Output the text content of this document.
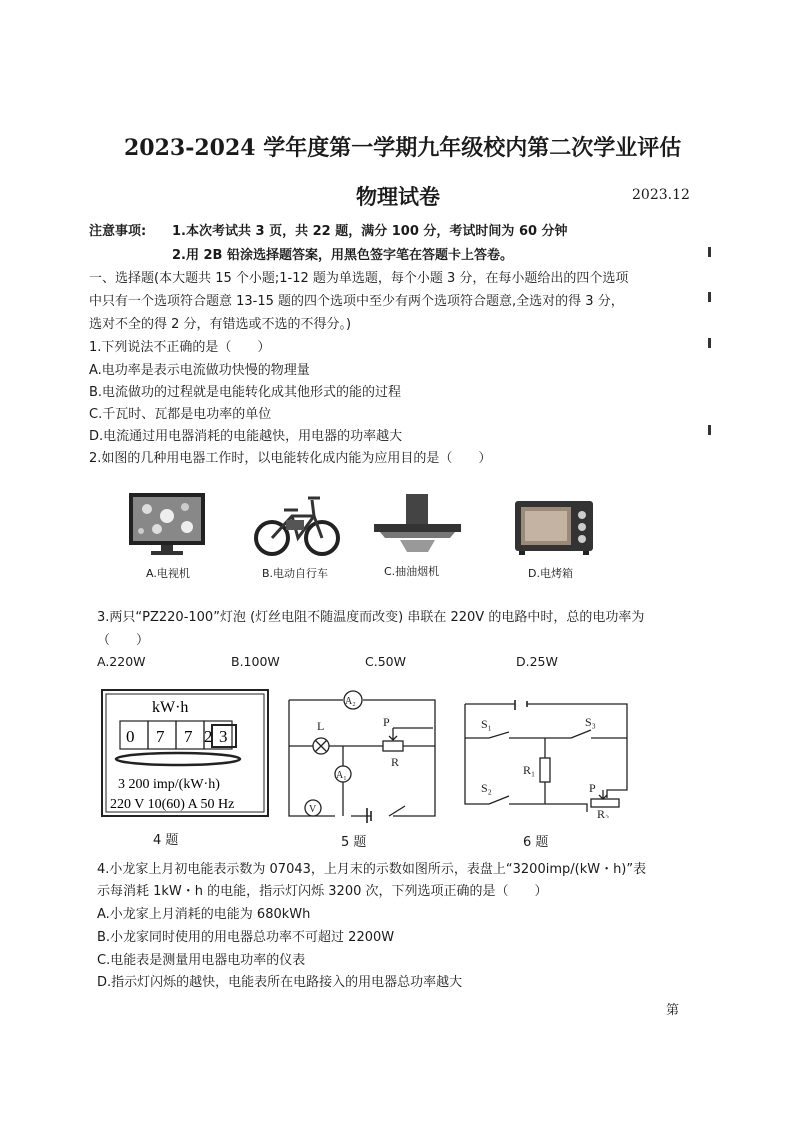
2023-2024 学年度第一学期九年级校内第二次学业评估
物理试卷	2023.12
注意事项: 1.本次考试共 3 页，共 22 题，满分 100 分，考试时间为 60 分钟
2.用 2B 铅涂选择题答案，用黑色签字笔在答题卡上答卷。
一、选择题(本大题共 15 个小题;1-12 题为单选题，每个小题 3 分，在每小题给出的四个选项
中只有一个选项符合题意 13-15 题的四个选项中至少有两个选项符合题意,全选对的得 3 分，
选对不全的得 2 分，有错选或不选的不得分。)
1.下列说法不正确的是（　　）
A.电功率是表示电流做功快慢的物理量
B.电流做功的过程就是电能转化成其他形式的能的过程
C.千瓦时、瓦都是电功率的单位
D.电流通过用电器消耗的电能越快，用电器的功率越大
2.如图的几种用电器工作时，以电能转化成内能为应用目的是（　　）
A.电视机	B.电动自行车	C.抽油烟机	D.电烤箱
3.两只“PZ220-100”灯泡 (灯丝电阻不随温度而改变) 串联在 220V 的电路中时，总的电功率为
（　　）
A.220W	B.100W	C.50W	D.25W
kW·h
0 7 7 2 3
3 200 imp/(kW·h)
220 V 10(60) A 50 Hz
4 题
A₂
L	P
R
A₁
V
5 题
S₁	S₃
S₂
R₁
P
R₂
6 题
4.小龙家上月初电能表示数为 07043，上月末的示数如图所示，表盘上“3200imp/(kW・h)”表
示每消耗 1kW・h 的电能，指示灯闪烁 3200 次，下列选项正确的是（　　）
A.小龙家上月消耗的电能为 680kWh
B.小龙家同时使用的用电器总功率不可超过 2200W
C.电能表是测量用电器电功率的仪表
D.指示灯闪烁的越快，电能表所在电路接入的用电器总功率越大
第
